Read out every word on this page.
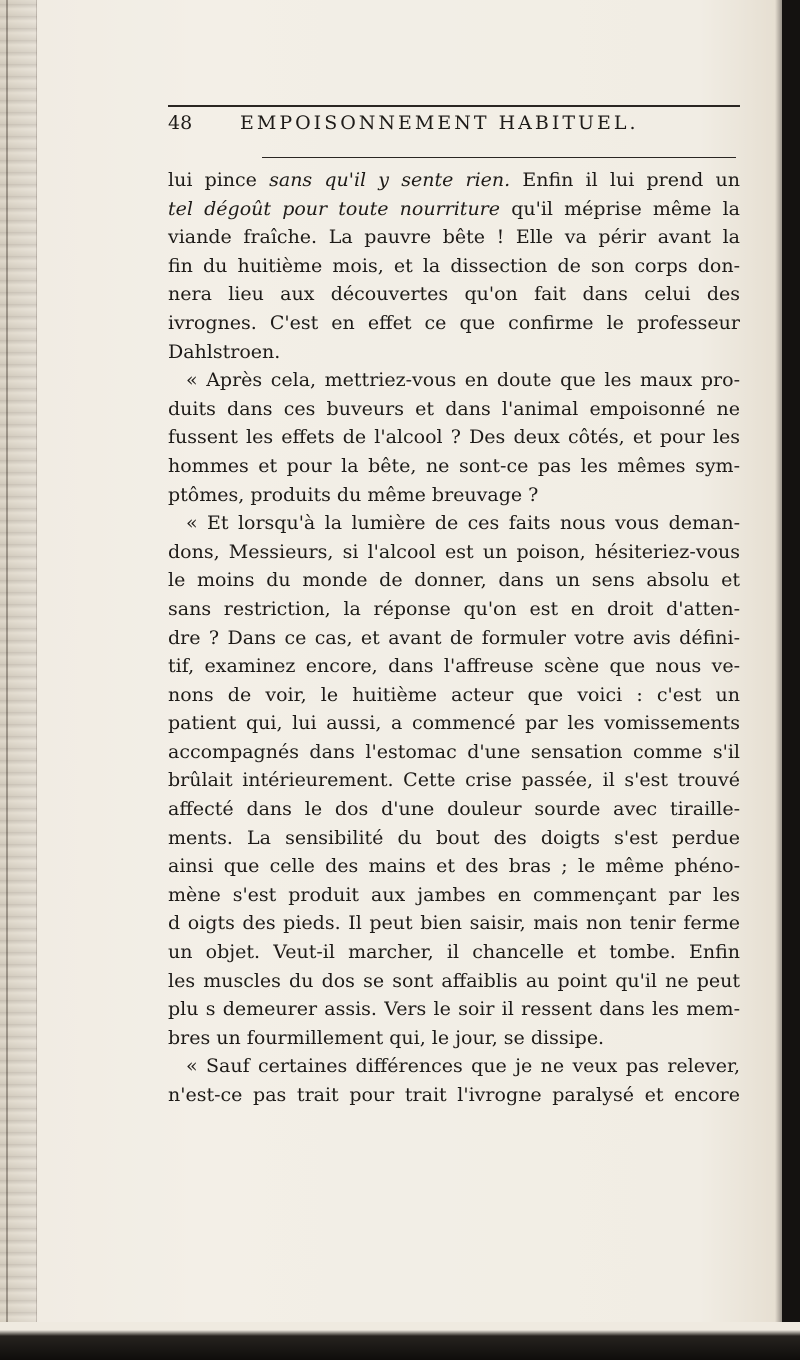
48	EMPOISONNEMENT HABITUEL.
lui pince sans qu'il y sente rien. Enfin il lui prend un
tel dégoût pour toute nourriture qu'il méprise même la
viande fraîche. La pauvre bête ! Elle va périr avant la
fin du huitième mois, et la dissection de son corps don-
nera lieu aux découvertes qu'on fait dans celui des
ivrognes. C'est en effet ce que confirme le professeur
Dahlstroen.
« Après cela, mettriez-vous en doute que les maux pro-
duits dans ces buveurs et dans l'animal empoisonné ne
fussent les effets de l'alcool ? Des deux côtés, et pour les
hommes et pour la bête, ne sont-ce pas les mêmes sym-
ptômes, produits du même breuvage ?
« Et lorsqu'à la lumière de ces faits nous vous deman-
dons, Messieurs, si l'alcool est un poison, hésiteriez-vous
le moins du monde de donner, dans un sens absolu et
sans restriction, la réponse qu'on est en droit d'atten-
dre ? Dans ce cas, et avant de formuler votre avis défini-
tif, examinez encore, dans l'affreuse scène que nous ve-
nons de voir, le huitième acteur que voici : c'est un
patient qui, lui aussi, a commencé par les vomissements
accompagnés dans l'estomac d'une sensation comme s'il
brûlait intérieurement. Cette crise passée, il s'est trouvé
affecté dans le dos d'une douleur sourde avec tiraille-
ments. La sensibilité du bout des doigts s'est perdue
ainsi que celle des mains et des bras ; le même phéno-
mène s'est produit aux jambes en commençant par les
d oigts des pieds. Il peut bien saisir, mais non tenir ferme
un objet. Veut-il marcher, il chancelle et tombe. Enfin
les muscles du dos se sont affaiblis au point qu'il ne peut
plu s demeurer assis. Vers le soir il ressent dans les mem-
bres un fourmillement qui, le jour, se dissipe.
« Sauf certaines différences que je ne veux pas relever,
n'est-ce pas trait pour trait l'ivrogne paralysé et encore
